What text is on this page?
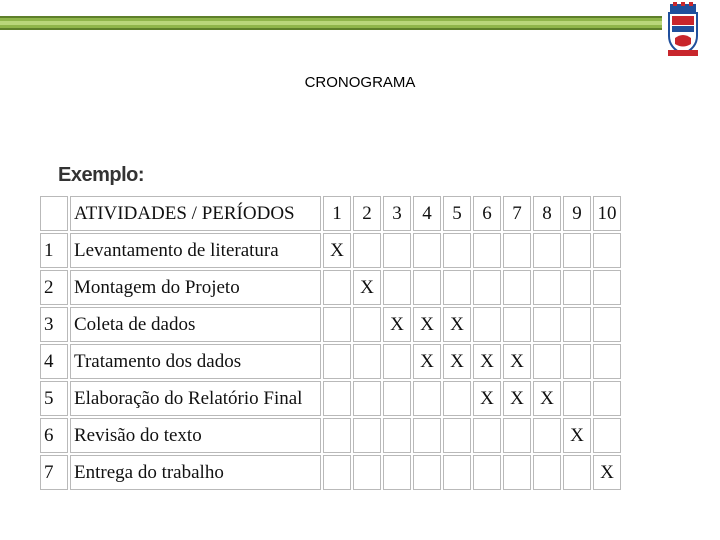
CRONOGRAMA
Exemplo:
	ATIVIDADES / PERÍODOS	1	2	3	4	5	6	7	8	9	10
1	Levantamento de literatura	X									
2	Montagem do Projeto		X								
3	Coleta de dados			X	X	X					
4	Tratamento dos dados				X	X	X	X			
5	Elaboração do Relatório Final						X	X	X		
6	Revisão do texto									X	
7	Entrega do trabalho										X
